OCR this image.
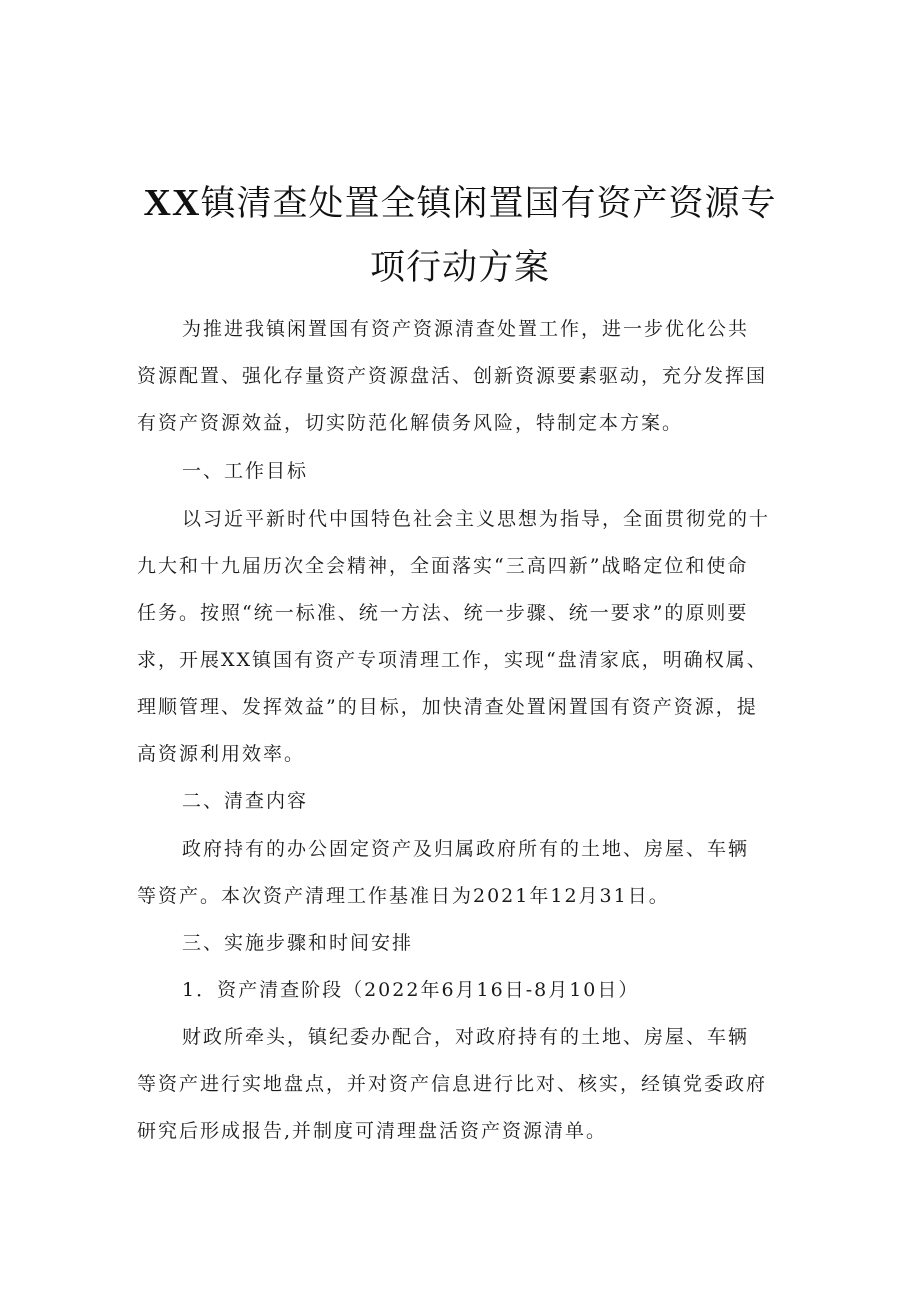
XX镇清查处置全镇闲置国有资产资源专
项行动方案
为推进我镇闲置国有资产资源清查处置工作，进一步优化公共
资源配置、强化存量资产资源盘活、创新资源要素驱动，充分发挥国
有资产资源效益，切实防范化解债务风险，特制定本方案。
一、工作目标
以习近平新时代中国特色社会主义思想为指导，全面贯彻党的十
九大和十九届历次全会精神，全面落实“三高四新”战略定位和使命
任务。按照“统一标准、统一方法、统一步骤、统一要求”的原则要
求，开展XX镇国有资产专项清理工作，实现“盘清家底，明确权属、
理顺管理、发挥效益”的目标，加快清查处置闲置国有资产资源，提
高资源利用效率。
二、清查内容
政府持有的办公固定资产及归属政府所有的土地、房屋、车辆
等资产。本次资产清理工作基准日为2021年12月31日。
三、实施步骤和时间安排
1．资产清查阶段（2022年6月16日-8月10日）
财政所牵头，镇纪委办配合，对政府持有的土地、房屋、车辆
等资产进行实地盘点，并对资产信息进行比对、核实，经镇党委政府
研究后形成报告,并制度可清理盘活资产资源清单。
